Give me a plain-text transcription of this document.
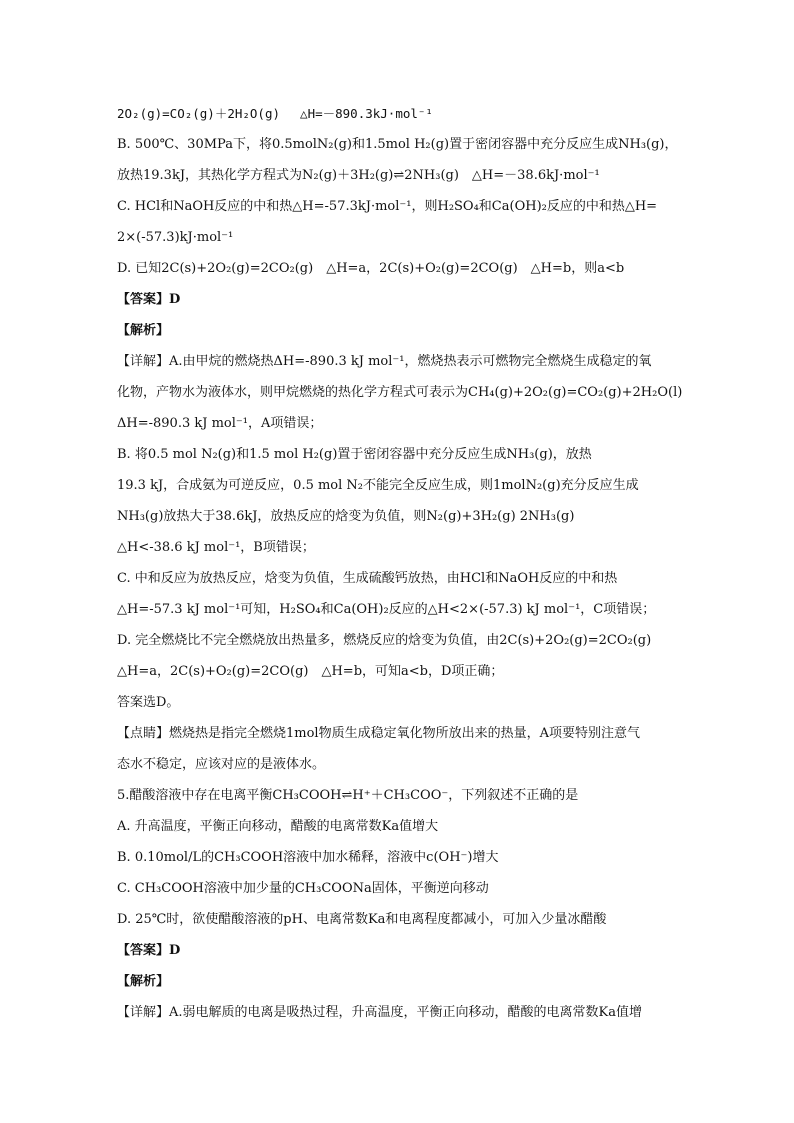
2O₂(g)=CO₂(g)＋2H₂O(g)　 △H=－890.3kJ·mol⁻¹
B. 500℃、30MPa下，将0.5molN₂(g)和1.5mol H₂(g)置于密闭容器中充分反应生成NH₃(g)，
放热19.3kJ，其热化学方程式为N₂(g)＋3H₂(g)⇌2NH₃(g)　△H=－38.6kJ·mol⁻¹
C. HCl和NaOH反应的中和热△H=-57.3kJ·mol⁻¹，则H₂SO₄和Ca(OH)₂反应的中和热△H=
2×(-57.3)kJ·mol⁻¹
D. 已知2C(s)+2O₂(g)=2CO₂(g)　△H=a，2C(s)+O₂(g)=2CO(g)　△H=b，则a<b
【答案】D
【解析】
【详解】A.由甲烷的燃烧热ΔH=-890.3 kJ mol⁻¹，燃烧热表示可燃物完全燃烧生成稳定的氧
化物，产物水为液体水，则甲烷燃烧的热化学方程式可表示为CH₄(g)+2O₂(g)=CO₂(g)+2H₂O(l)
ΔH=-890.3 kJ mol⁻¹，A项错误；
B. 将0.5 mol N₂(g)和1.5 mol H₂(g)置于密闭容器中充分反应生成NH₃(g)，放热
19.3 kJ，合成氨为可逆反应，0.5 mol N₂不能完全反应生成，则1molN₂(g)充分反应生成
NH₃(g)放热大于38.6kJ，放热反应的焓变为负值，则N₂(g)+3H₂(g) 2NH₃(g)
△H<-38.6 kJ mol⁻¹，B项错误；
C. 中和反应为放热反应，焓变为负值，生成硫酸钙放热，由HCl和NaOH反应的中和热
△H=-57.3 kJ mol⁻¹可知，H₂SO₄和Ca(OH)₂反应的△H<2×(-57.3) kJ mol⁻¹，C项错误；
D. 完全燃烧比不完全燃烧放出热量多，燃烧反应的焓变为负值，由2C(s)+2O₂(g)=2CO₂(g)
△H=a，2C(s)+O₂(g)=2CO(g)　△H=b，可知a<b，D项正确；
答案选D。
【点睛】燃烧热是指完全燃烧1mol物质生成稳定氧化物所放出来的热量，A项要特别注意气
态水不稳定，应该对应的是液体水。
5.醋酸溶液中存在电离平衡CH₃COOH⇌H⁺＋CH₃COO⁻，下列叙述不正确的是
A. 升高温度，平衡正向移动，醋酸的电离常数Ka值增大
B. 0.10mol/L的CH₃COOH溶液中加水稀释，溶液中c(OH⁻)增大
C. CH₃COOH溶液中加少量的CH₃COONa固体，平衡逆向移动
D. 25℃时，欲使醋酸溶液的pH、电离常数Ka和电离程度都减小，可加入少量冰醋酸
【答案】D
【解析】
【详解】A.弱电解质的电离是吸热过程，升高温度，平衡正向移动，醋酸的电离常数Ka值增
